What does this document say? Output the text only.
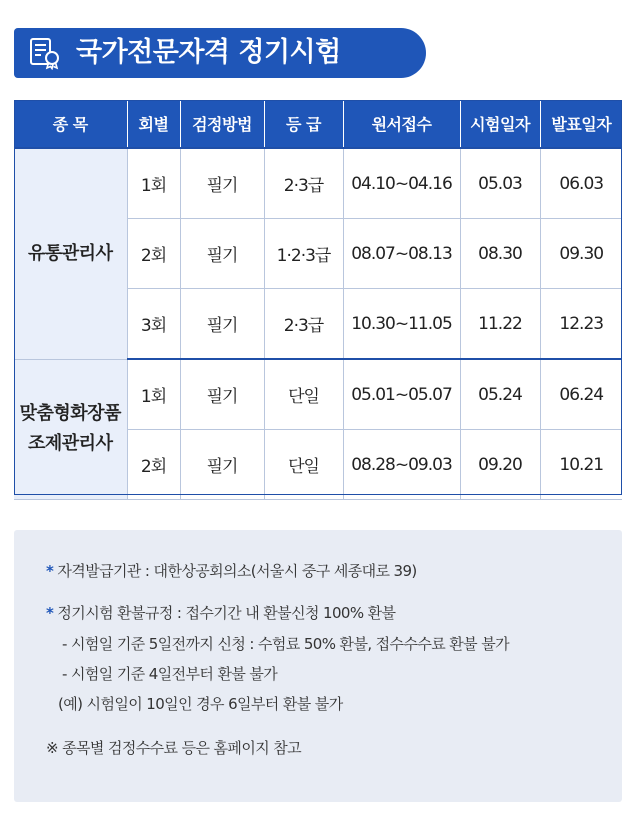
국가전문자격 정기시험
종 목	회별	검정방법	등 급	원서접수	시험일자	발표일자
유통관리사	1회	필기	2·3급	04.10~04.16	05.03	06.03
	2회	필기	1·2·3급	08.07~08.13	08.30	09.30
	3회	필기	2·3급	10.30~11.05	11.22	12.23
맞춤형화장품 조제관리사	1회	필기	단일	05.01~05.07	05.24	06.24
	2회	필기	단일	08.28~09.03	09.20	10.21
* 자격발급기관 : 대한상공회의소(서울시 중구 세종대로 39)
* 정기시험 환불규정 : 접수기간 내 환불신청 100% 환불
- 시험일 기준 5일전까지 신청 : 수험료 50% 환불, 접수수수료 환불 불가
- 시험일 기준 4일전부터 환불 불가
(예) 시험일이 10일인 경우 6일부터 환불 불가
※ 종목별 검정수수료 등은 홈페이지 참고
